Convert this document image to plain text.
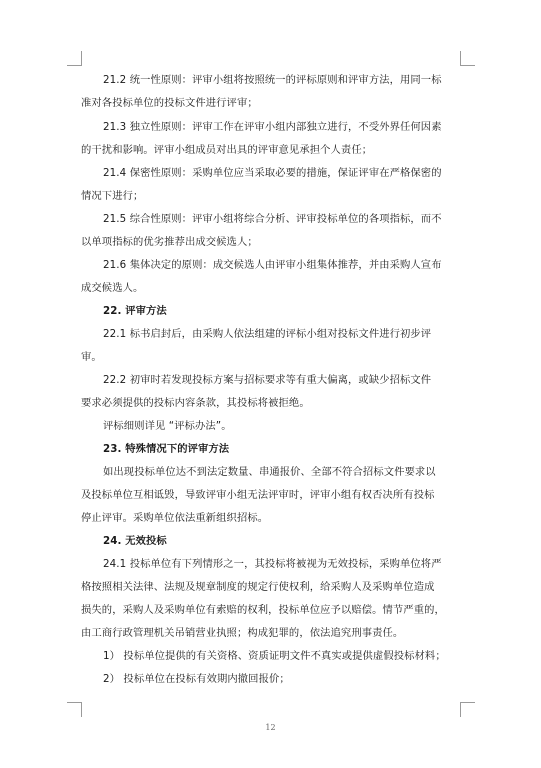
21.2 统一性原则：评审小组将按照统一的评标原则和评审方法，用同一标
准对各投标单位的投标文件进行评审；
21.3 独立性原则：评审工作在评审小组内部独立进行，不受外界任何因素
的干扰和影响。评审小组成员对出具的评审意见承担个人责任；
21.4 保密性原则：采购单位应当采取必要的措施，保证评审在严格保密的
情况下进行；
21.5 综合性原则：评审小组将综合分析、评审投标单位的各项指标，而不
以单项指标的优劣推荐出成交候选人；
21.6 集体决定的原则：成交候选人由评审小组集体推荐，并由采购人宣布
成交候选人。
22. 评审方法
22.1 标书启封后，由采购人依法组建的评标小组对投标文件进行初步评
审。
22.2 初审时若发现投标方案与招标要求等有重大偏离，或缺少招标文件
要求必须提供的投标内容条款，其投标将被拒绝。
评标细则详见 “评标办法”。
23. 特殊情况下的评审方法
如出现投标单位达不到法定数量、串通报价、全部不符合招标文件要求以
及投标单位互相诋毁，导致评审小组无法评审时，评审小组有权否决所有投标
停止评审。采购单位依法重新组织招标。
24. 无效投标
24.1 投标单位有下列情形之一，其投标将被视为无效投标，采购单位将严
格按照相关法律、法规及规章制度的规定行使权利，给采购人及采购单位造成
损失的，采购人及采购单位有索赔的权利，投标单位应予以赔偿。情节严重的，
由工商行政管理机关吊销营业执照；构成犯罪的，依法追究刑事责任。
1） 投标单位提供的有关资格、资质证明文件不真实或提供虚假投标材料；
2） 投标单位在投标有效期内撤回报价；
12
